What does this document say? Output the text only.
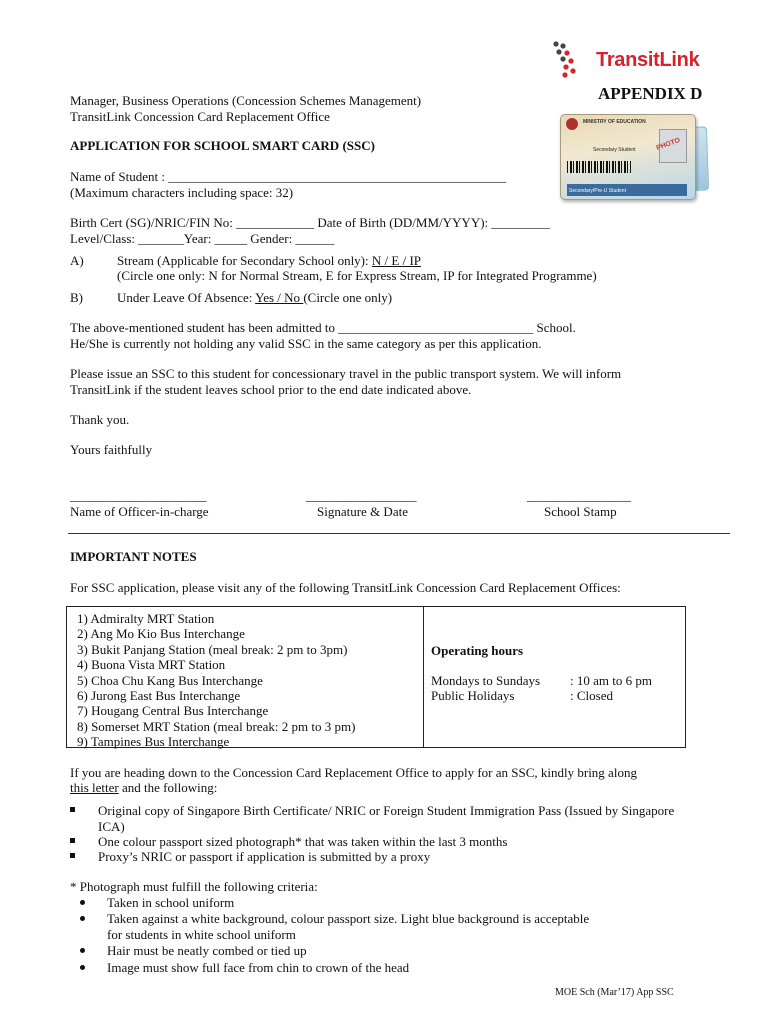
TransitLink
APPENDIX D
MINISTRY OF EDUCATION
PHOTO
Secondary Student
Secondary/Pre-U Student
Manager, Business Operations (Concession Schemes Management)
TransitLink Concession Card Replacement Office
APPLICATION FOR SCHOOL SMART CARD (SSC)
Name of Student : ____________________________________________________
(Maximum characters including space: 32)
Birth Cert (SG)/NRIC/FIN No: ____________ Date of Birth (DD/MM/YYYY): _________
Level/Class: _______Year: _____ Gender: ______
A)	Stream (Applicable for Secondary School only): N / E / IP
(Circle one only: N for Normal Stream, E for Express Stream, IP for Integrated Programme)
B)	Under Leave Of Absence: Yes / No (Circle one only)
The above-mentioned student has been admitted to ______________________________ School.
He/She is currently not holding any valid SSC in the same category as per this application.
Please issue an SSC to this student for concessionary travel in the public transport system. We will inform
TransitLink if the student leaves school prior to the end date indicated above.
Thank you.
Yours faithfully
_____________________
Name of Officer-in-charge
_________________
Signature & Date
________________
School Stamp
IMPORTANT NOTES
For SSC application, please visit any of the following TransitLink Concession Card Replacement Offices:
1) Admiralty MRT Station
2) Ang Mo Kio Bus Interchange
3) Bukit Panjang Station (meal break: 2 pm to 3pm)
4) Buona Vista MRT Station
5) Choa Chu Kang Bus Interchange
6) Jurong East Bus Interchange
7) Hougang Central Bus Interchange
8) Somerset MRT Station (meal break: 2 pm to 3 pm)
9) Tampines Bus Interchange
Operating hours
Mondays to Sundays : 10 am to 6 pm
Public Holidays	: Closed
If you are heading down to the Concession Card Replacement Office to apply for an SSC, kindly bring along
this letter and the following:
Original copy of Singapore Birth Certificate/ NRIC or Foreign Student Immigration Pass (Issued by Singapore
ICA)
One colour passport sized photograph* that was taken within the last 3 months
Proxy’s NRIC or passport if application is submitted by a proxy
* Photograph must fulfill the following criteria:
Taken in school uniform
Taken against a white background, colour passport size. Light blue background is acceptable
for students in white school uniform
Hair must be neatly combed or tied up
Image must show full face from chin to crown of the head
MOE Sch (Mar’17) App SSC
